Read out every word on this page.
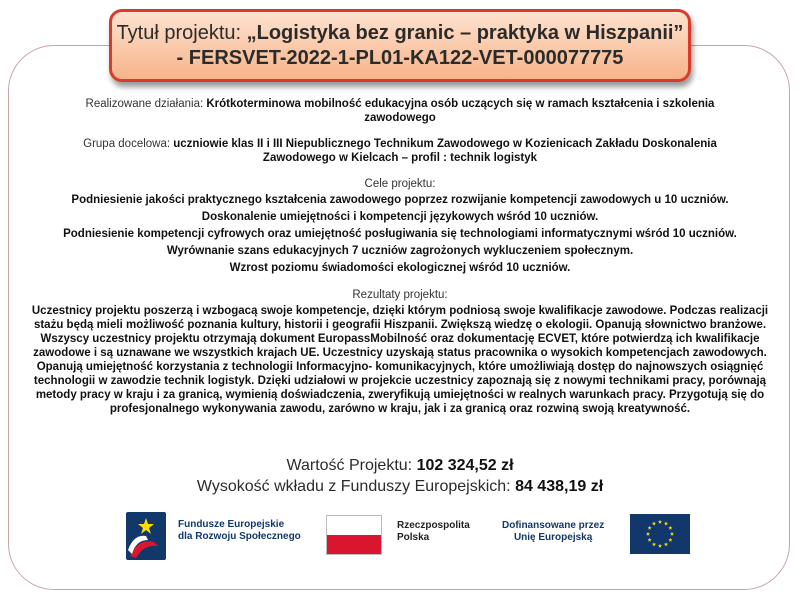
Tytuł projektu: „Logistyka bez granic – praktyka w Hiszpanii”
- FERSVET-2022-1-PL01-KA122-VET-000077775
Realizowane działania: Krótkoterminowa mobilność edukacyjna osób uczących się w ramach kształcenia i szkolenia zawodowego
Grupa docelowa: uczniowie klas II i III Niepublicznego Technikum Zawodowego w Kozienicach Zakładu Doskonalenia Zawodowego w Kielcach – profil : technik logistyk
Cele projektu:
Podniesienie jakości praktycznego kształcenia zawodowego poprzez rozwijanie kompetencji zawodowych u 10 uczniów.
Doskonalenie umiejętności i kompetencji językowych wśród 10 uczniów.
Podniesienie kompetencji cyfrowych oraz umiejętność posługiwania się technologiami informatycznymi wśród 10 uczniów.
Wyrównanie szans edukacyjnych 7 uczniów zagrożonych wykluczeniem społecznym.
Wzrost poziomu świadomości ekologicznej wśród 10 uczniów.
Rezultaty projektu:
Uczestnicy projektu poszerzą i wzbogacą swoje kompetencje, dzięki którym podniosą swoje kwalifikacje zawodowe. Podczas realizacji stażu będą mieli możliwość poznania kultury, historii i geografii Hiszpanii. Zwiększą wiedzę o ekologii. Opanują słownictwo branżowe. Wszyscy uczestnicy projektu otrzymają dokument EuropassMobilność oraz dokumentację ECVET, które potwierdzą ich kwalifikacje zawodowe i są uznawane we wszystkich krajach UE. Uczestnicy uzyskają status pracownika o wysokich kompetencjach zawodowych. Opanują umiejętność korzystania z technologii Informacyjno- komunikacyjnych, które umożliwiają dostęp do najnowszych osiągnięć technologii w zawodzie technik logistyk. Dzięki udziałowi w projekcie uczestnicy zapoznają się z nowymi technikami pracy, porównają metody pracy w kraju i za granicą, wymienią doświadczenia, zweryfikują umiejętności w realnych warunkach pracy. Przygotują się do profesjonalnego wykonywania zawodu, zarówno w kraju, jak i za granicą oraz rozwiną swoją kreatywność.
Wartość Projektu: 102 324,52 zł
Wysokość wkładu z Funduszy Europejskich: 84 438,19 zł
Fundusze Europejskie
dla Rozwoju Społecznego
Rzeczpospolita
Polska
Dofinansowane przez
Unię Europejską
